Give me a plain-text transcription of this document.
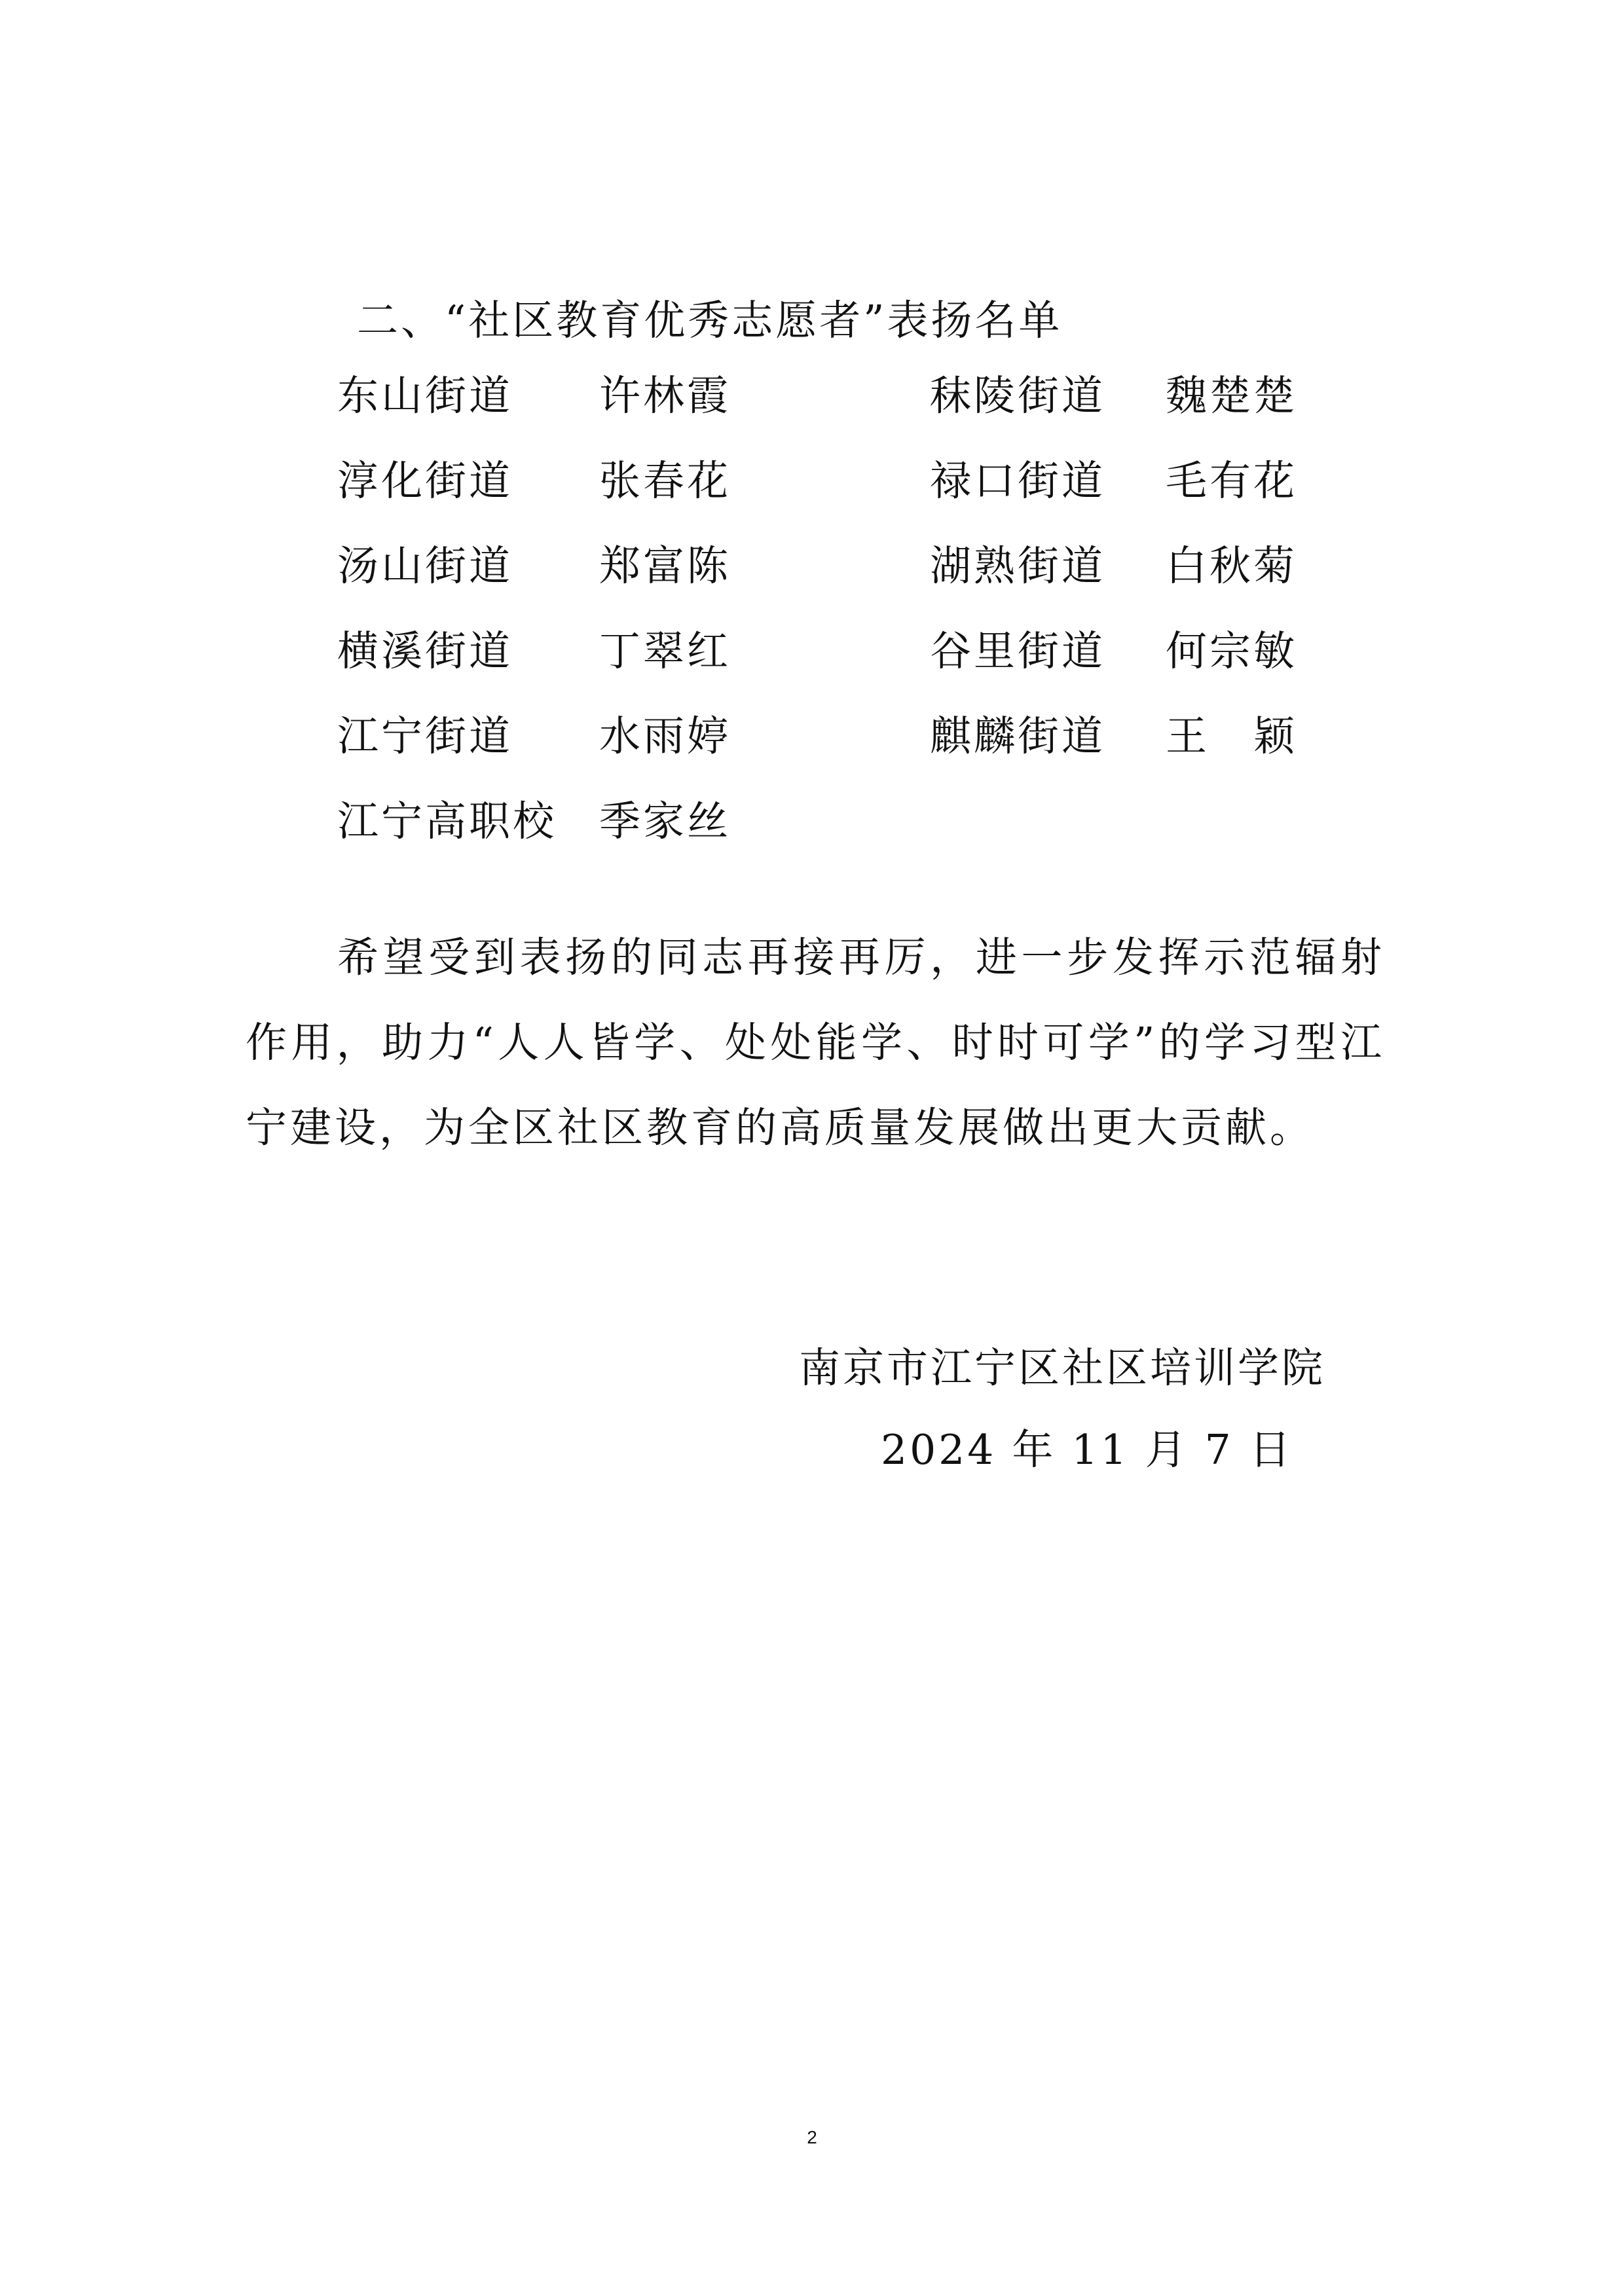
二、“社区教育优秀志愿者”表扬名单
东山街道 许林霞	秣陵街道 魏楚楚
淳化街道 张春花	禄口街道 毛有花
汤山街道 郑富陈	湖熟街道 白秋菊
横溪街道 丁翠红	谷里街道 何宗敏
江宁街道 水雨婷	麒麟街道 王　颖
江宁高职校 季家丝

希望受到表扬的同志再接再厉，进一步发挥示范辐射作用，助力“人人皆学、处处能学、时时可学”的学习型江宁建设，为全区社区教育的高质量发展做出更大贡献。

南京市江宁区社区培训学院
2024 年 11 月 7 日
2
